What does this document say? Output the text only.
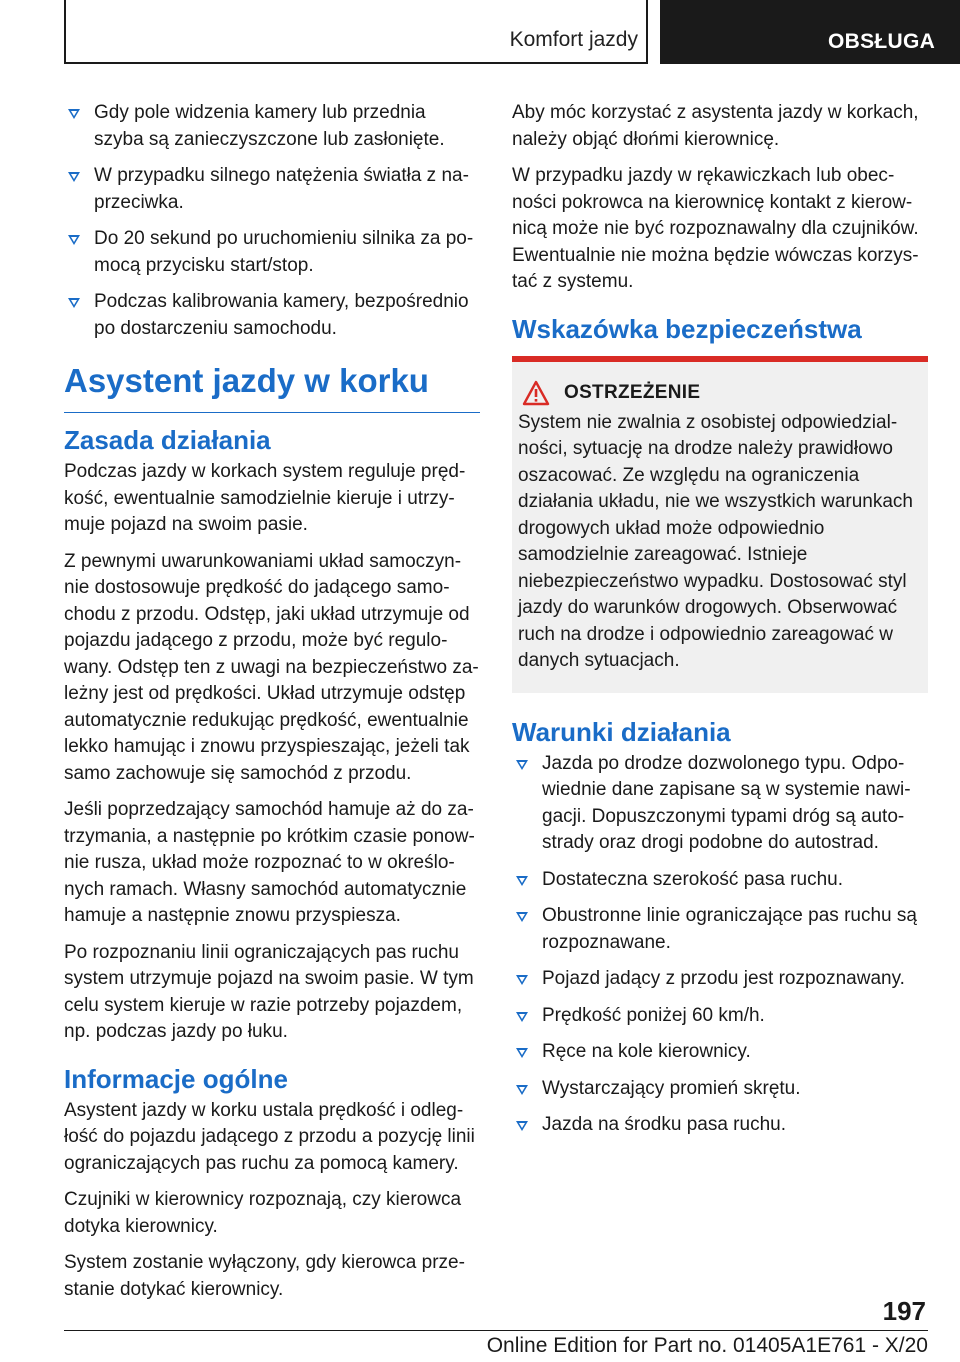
Komfort jazdy	OBSŁUGA
Gdy pole widzenia kamery lub przednia szyba są zanieczyszczone lub zasłonięte.
W przypadku silnego natężenia światła z naprzeciwka.
Do 20 sekund po uruchomieniu silnika za pomocą przycisku start/stop.
Podczas kalibrowania kamery, bezpośrednio po dostarczeniu samochodu.
Asystent jazdy w korku
Zasada działania

Podczas jazdy w korkach system reguluje prędkość, ewentualnie samodzielnie kieruje i utrzymuje pojazd na swoim pasie.

Z pewnymi uwarunkowaniami układ samoczynnie dostosowuje prędkość do jadącego samochodu z przodu. Odstęp, jaki układ utrzymuje od pojazdu jadącego z przodu, może być regulowany. Odstęp ten z uwagi na bezpieczeństwo zależny jest od prędkości. Układ utrzymuje odstęp automatycznie redukując prędkość, ewentualnie lekko hamując i znowu przyspieszając, jeżeli tak samo zachowuje się samochód z przodu.

Jeśli poprzedzający samochód hamuje aż do zatrzymania, a następnie po krótkim czasie ponownie rusza, układ może rozpoznać to w określonych ramach. Własny samochód automatycznie hamuje a następnie znowu przyspiesza.

Po rozpoznaniu linii ograniczających pas ruchu system utrzymuje pojazd na swoim pasie. W tym celu system kieruje w razie potrzeby pojazdem, np. podczas jazdy po łuku.

Informacje ogólne

Asystent jazdy w korku ustala prędkość i odległość do pojazdu jadącego z przodu a pozycję linii ograniczających pas ruchu za pomocą kamery.

Czujniki w kierownicy rozpoznają, czy kierowca dotyka kierownicy.

System zostanie wyłączony, gdy kierowca przestanie dotykać kierownicy.

Aby móc korzystać z asystenta jazdy w korkach, należy objąć dłońmi kierownicę.

W przypadku jazdy w rękawiczkach lub obecności pokrowca na kierownicę kontakt z kierownicą może nie być rozpoznawalny dla czujników. Ewentualnie nie można będzie wówczas korzystać z systemu.

Wskazówka bezpieczeństwa
OSTRZEŻENIE

System nie zwalnia z osobistej odpowiedzialności, sytuację na drodze należy prawidłowo oszacować. Ze względu na ograniczenia działania układu, nie we wszystkich warunkach drogowych układ może odpowiednio samodzielnie zareagować. Istnieje niebezpieczeństwo wypadku. Dostosować styl jazdy do warunków drogowych. Obserwować ruch na drodze i odpowiednio zareagować w danych sytuacjach.

Warunki działania
Jazda po drodze dozwolonego typu. Odpowiednie dane zapisane są w systemie nawigacji. Dopuszczonymi typami dróg są autostrady oraz drogi podobne do autostrad.
Dostateczna szerokość pasa ruchu.
Obustronne linie ograniczające pas ruchu są rozpoznawane.
Pojazd jadący z przodu jest rozpoznawany.
Prędkość poniżej 60 km/h.
Ręce na kole kierownicy.
Wystarczający promień skrętu.
Jazda na środku pasa ruchu.
197
Online Edition for Part no. 01405A1E761 - X/20
